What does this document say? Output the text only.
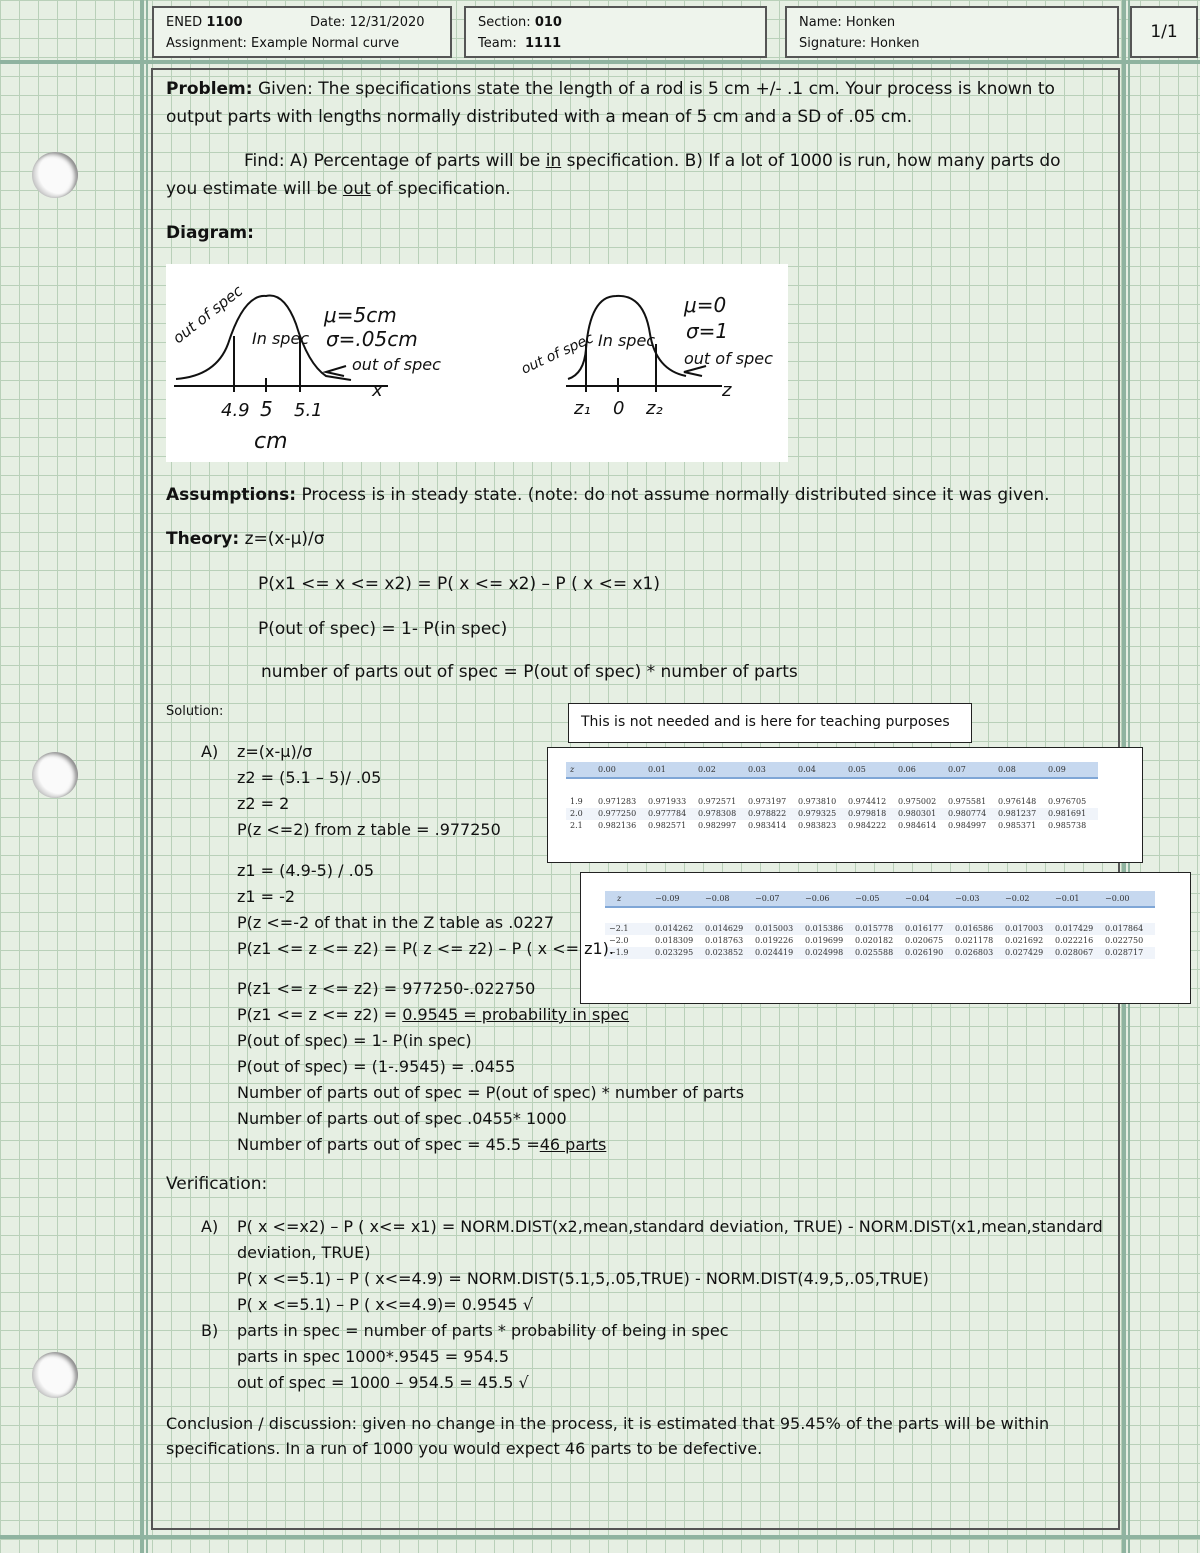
ENED 1100	Date: 12/31/2020
Assignment: Example Normal curve
Section: 010
Team: 1111
Name: Honken
Signature: Honken
1/1
Problem: Given: The specifications state the length of a rod is 5 cm +/- .1 cm. Your process is known to
output parts with lengths normally distributed with a mean of 5 cm and a SD of .05 cm.
Find: A) Percentage of parts will be in specification. B) If a lot of 1000 is run, how many parts do
you estimate will be out of specification.
Diagram:
out of spec In spec
μ=5cm
σ=.05cm
out of spec
x
4.9 5 5.1
cm
out of spec In spec
μ=0
σ=1
out of spec
z
z₁ 0 z₂
Assumptions: Process is in steady state. (note: do not assume normally distributed since it was given.
Theory: z=(x-μ)/σ
P(x1 <= x <= x2) = P( x <= x2) – P ( x <= x1)
P(out of spec) = 1- P(in spec)
number of parts out of spec = P(out of spec) * number of parts
Solution:
This is not needed and is here for teaching purposes
z	0.00	0.01	0.02	0.03	0.04	0.05	0.06	0.07	0.08	0.09

1.9	0.971283	0.971933	0.972571	0.973197	0.973810	0.974412	0.975002	0.975581	0.976148	0.976705
2.0	0.977250	0.977784	0.978308	0.978822	0.979325	0.979818	0.980301	0.980774	0.981237	0.981691
2.1	0.982136	0.982571	0.982997	0.983414	0.983823	0.984222	0.984614	0.984997	0.985371	0.985738
z	−0.09	−0.08	−0.07	−0.06	−0.05	−0.04	−0.03	−0.02	−0.01	−0.00

−2.1	0.014262	0.014629	0.015003	0.015386	0.015778	0.016177	0.016586	0.017003	0.017429	0.017864
−2.0	0.018309	0.018763	0.019226	0.019699	0.020182	0.020675	0.021178	0.021692	0.022216	0.022750
−1.9	0.023295	0.023852	0.024419	0.024998	0.025588	0.026190	0.026803	0.027429	0.028067	0.028717
A) z=(x-μ)/σ
z2 = (5.1 – 5)/ .05
z2 = 2
P(z <=2) from z table = .977250
z1 = (4.9-5) / .05
z1 = -2
P(z <=-2 of that in the Z table as .0227
P(z1 <= z <= z2) = P( z <= z2) – P ( x <= z1).
P(z1 <= z <= z2) = 977250-.022750
P(z1 <= z <= z2) = 0.9545 = probability in spec
P(out of spec) = 1- P(in spec)
P(out of spec) = (1-.9545) = .0455
Number of parts out of spec = P(out of spec) * number of parts
Number of parts out of spec .0455* 1000
Number of parts out of spec = 45.5 =46 parts
Verification:
A) P( x <=x2) – P ( x<= x1) = NORM.DIST(x2,mean,standard deviation, TRUE) - NORM.DIST(x1,mean,standard
deviation, TRUE)
P( x <=5.1) – P ( x<=4.9) = NORM.DIST(5.1,5,.05,TRUE) - NORM.DIST(4.9,5,.05,TRUE)
P( x <=5.1) – P ( x<=4.9)= 0.9545 √
B) parts in spec = number of parts * probability of being in spec
parts in spec 1000*.9545 = 954.5
out of spec = 1000 – 954.5 = 45.5 √
Conclusion / discussion: given no change in the process, it is estimated that 95.45% of the parts will be within
specifications. In a run of 1000 you would expect 46 parts to be defective.
